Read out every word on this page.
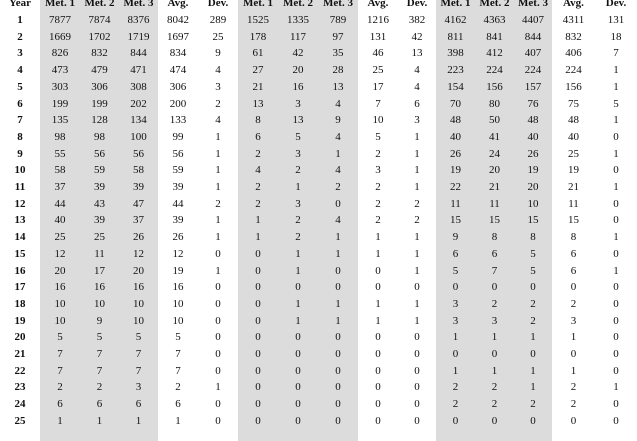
Year	Met. 1	Met. 2	Met. 3	Avg.	Dev.	Met. 1	Met. 2	Met. 3	Avg.	Dev.	Met. 1	Met. 2	Met. 3	Avg.	Dev.
1	7877	7874	8376	8042	289	1525	1335	789	1216	382	4162	4363	4407	4311	131
2	1669	1702	1719	1697	25	178	117	97	131	42	811	841	844	832	18
3	826	832	844	834	9	61	42	35	46	13	398	412	407	406	7
4	473	479	471	474	4	27	20	28	25	4	223	224	224	224	1
5	303	306	308	306	3	21	16	13	17	4	154	156	157	156	1
6	199	199	202	200	2	13	3	4	7	6	70	80	76	75	5
7	135	128	134	133	4	8	13	9	10	3	48	50	48	48	1
8	98	98	100	99	1	6	5	4	5	1	40	41	40	40	0
9	55	56	56	56	1	2	3	1	2	1	26	24	26	25	1
10	58	59	58	59	1	4	2	4	3	1	19	20	19	19	0
11	37	39	39	39	1	2	1	2	2	1	22	21	20	21	1
12	44	43	47	44	2	2	3	0	2	2	11	11	10	11	0
13	40	39	37	39	1	1	2	4	2	2	15	15	15	15	0
14	25	25	26	26	1	1	2	1	1	1	9	8	8	8	1
15	12	11	12	12	0	0	1	1	1	1	6	6	5	6	0
16	20	17	20	19	1	0	1	0	0	1	5	7	5	6	1
17	16	16	16	16	0	0	0	0	0	0	0	0	0	0	0
18	10	10	10	10	0	0	1	1	1	1	3	2	2	2	0
19	10	9	10	10	0	0	1	1	1	1	3	3	2	3	0
20	5	5	5	5	0	0	0	0	0	0	1	1	1	1	0
21	7	7	7	7	0	0	0	0	0	0	0	0	0	0	0
22	7	7	7	7	0	0	0	0	0	0	1	1	1	1	0
23	2	2	3	2	1	0	0	0	0	0	2	2	1	2	1
24	6	6	6	6	0	0	0	0	0	0	2	2	2	2	0
25	1	1	1	1	0	0	0	0	0	0	0	0	0	0	0
